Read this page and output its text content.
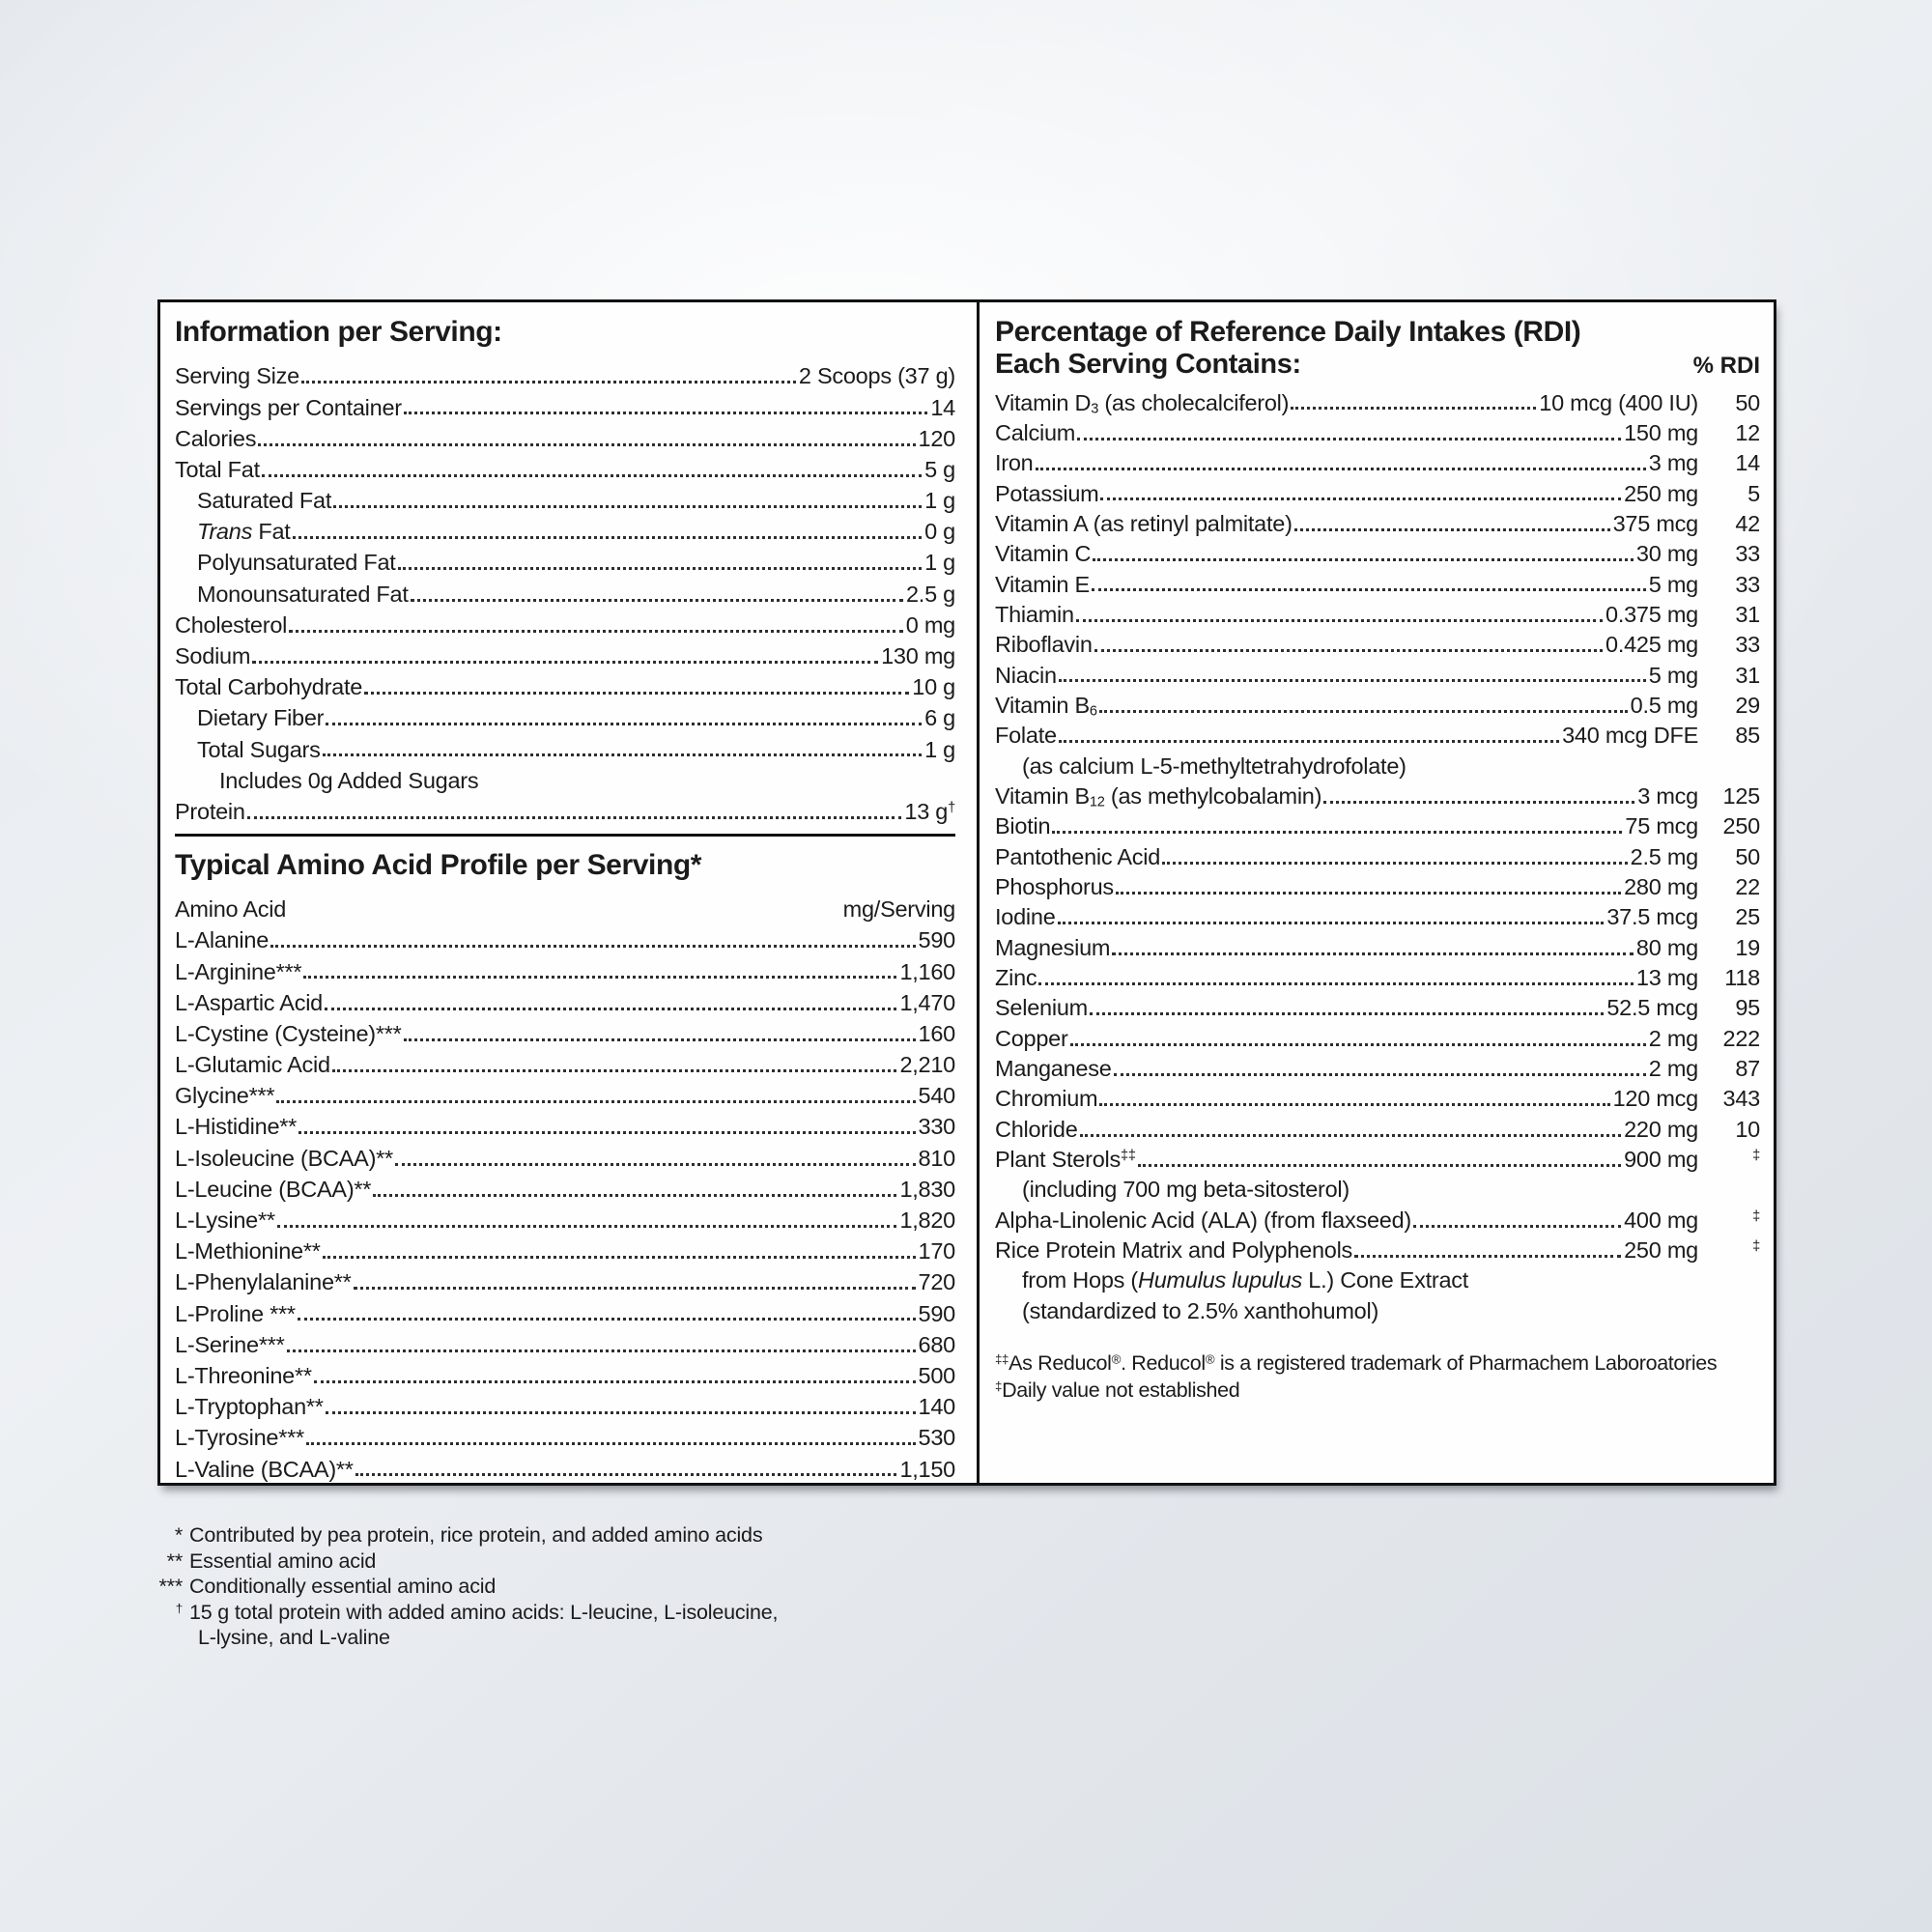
Information per Serving:
Serving Size	2 Scoops (37 g)
Servings per Container	14
Calories	120
Total Fat	5 g
Saturated Fat	1 g
Trans Fat	0 g
Polyunsaturated Fat	1 g
Monounsaturated Fat	2.5 g
Cholesterol	0 mg
Sodium	130 mg
Total Carbohydrate	10 g
Dietary Fiber	6 g
Total Sugars	1 g
Includes 0g Added Sugars
Protein	13 g†
Typical Amino Acid Profile per Serving*
Amino Acid	mg/Serving
L-Alanine	590
L-Arginine***	1,160
L-Aspartic Acid	1,470
L-Cystine (Cysteine)***	160
L-Glutamic Acid	2,210
Glycine***	540
L-Histidine**	330
L-Isoleucine (BCAA)**	810
L-Leucine (BCAA)**	1,830
L-Lysine**	1,820
L-Methionine**	170
L-Phenylalanine**	720
L-Proline ***	590
L-Serine***	680
L-Threonine**	500
L-Tryptophan**	140
L-Tyrosine***	530
L-Valine (BCAA)**	1,150
Percentage of Reference Daily Intakes (RDI)
Each Serving Contains:	% RDI
Vitamin $D_3$ (as cholecalciferol)	10 mcg (400 IU)	50
Calcium	150 mg	12
Iron	3 mg	14
Potassium	250 mg	5
Vitamin A (as retinyl palmitate)	375 mcg	42
Vitamin C	30 mg	33
Vitamin E	5 mg	33
Thiamin	0.375 mg	31
Riboflavin	0.425 mg	33
Niacin	5 mg	31
Vitamin $B_6$	0.5 mg	29
Folate	340 mcg DFE	85
(as calcium L-5-methyltetrahydrofolate)
Vitamin $B_{12}$ (as methylcobalamin)	3 mcg	125
Biotin	75 mcg	250
Pantothenic Acid	2.5 mg	50
Phosphorus	280 mg	22
Iodine	37.5 mcg	25
Magnesium	80 mg	19
Zinc	13 mg	118
Selenium	52.5 mcg	95
Copper	2 mg	222
Manganese	2 mg	87
Chromium	120 mcg	343
Chloride	220 mg	10
Plant Sterols‡‡	900 mg	‡
(including 700 mg beta-sitosterol)
Alpha-Linolenic Acid (ALA) (from flaxseed)	400 mg	‡
Rice Protein Matrix and Polyphenols	250 mg	‡
from Hops (Humulus lupulus L.) Cone Extract
(standardized to 2.5% xanthohumol)
‡‡As Reducol®. Reducol® is a registered trademark of Pharmachem Laboroatories
‡Daily value not established
* Contributed by pea protein, rice protein, and added amino acids
** Essential amino acid
*** Conditionally essential amino acid
† 15 g total protein with added amino acids: L-leucine, L-isoleucine,
L-lysine, and L-valine
